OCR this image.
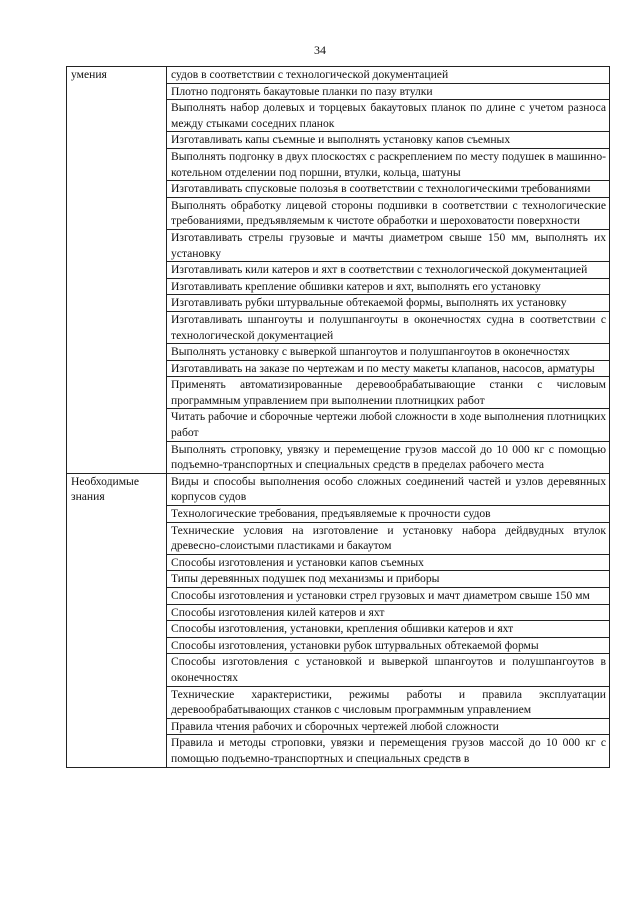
34
умения	судов в соответствии с технологической документацией
	Плотно подгонять бакаутовые планки по пазу втулки
	Выполнять набор долевых и торцевых бакаутовых планок по длине с учетом разноса между стыками соседних планок
	Изготавливать капы съемные и выполнять установку капов съемных
	Выполнять подгонку в двух плоскостях с раскреплением по месту подушек в машинно-котельном отделении под поршни, втулки, кольца, шатуны
	Изготавливать спусковые полозья в соответствии с технологическими требованиями
	Выполнять обработку лицевой стороны подшивки в соответствии с технологические требованиями, предъявляемым к чистоте обработки и шероховатости поверхности
	Изготавливать стрелы грузовые и мачты диаметром свыше 150 мм, выполнять их установку
	Изготавливать кили катеров и яхт в соответствии с технологической документацией
	Изготавливать крепление обшивки катеров и яхт, выполнять его установку
	Изготавливать рубки штурвальные обтекаемой формы, выполнять их установку
	Изготавливать шпангоуты и полушпангоуты в оконечностях судна в соответствии с технологической документацией
	Выполнять установку с выверкой шпангоутов и полушпангоутов в оконечностях
	Изготавливать на заказе по чертежам и по месту макеты клапанов, насосов, арматуры
	Применять автоматизированные деревообрабатывающие станки с числовым программным управлением при выполнении плотницких работ
	Читать рабочие и сборочные чертежи любой сложности в ходе выполнения плотницких работ
	Выполнять строповку, увязку и перемещение грузов массой до 10 000 кг с помощью подъемно-транспортных и специальных средств в пределах рабочего места

Необходимые знания	Виды и способы выполнения особо сложных соединений частей и узлов деревянных корпусов судов
	Технологические требования, предъявляемые к прочности судов
	Технические условия на изготовление и установку набора дейдвудных втулок древесно-слоистыми пластиками и бакаутом
	Способы изготовления и установки капов съемных
	Типы деревянных подушек под механизмы и приборы
	Способы изготовления и установки стрел грузовых и мачт диаметром свыше 150 мм
	Способы изготовления килей катеров и яхт
	Способы изготовления, установки, крепления обшивки катеров и яхт
	Способы изготовления, установки рубок штурвальных обтекаемой формы
	Способы изготовления с установкой и выверкой шпангоутов и полушпангоутов в оконечностях
	Технические характеристики, режимы работы и правила эксплуатации деревообрабатывающих станков с числовым программным управлением
	Правила чтения рабочих и сборочных чертежей любой сложности
	Правила и методы строповки, увязки и перемещения грузов массой до 10 000 кг с помощью подъемно-транспортных и специальных средств в
